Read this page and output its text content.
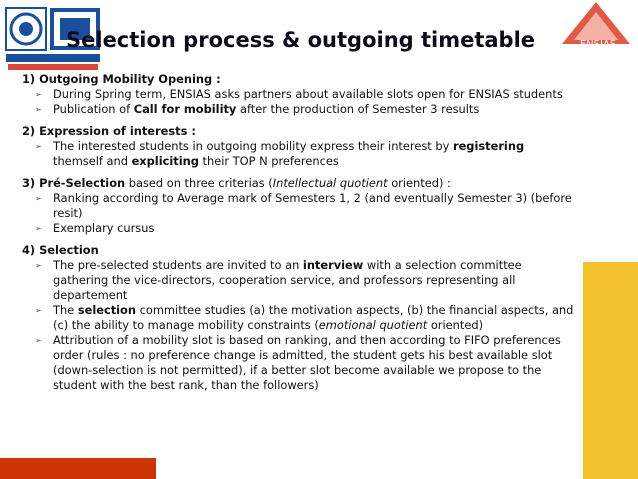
ENSIAS
Selection process & outgoing timetable
1) Outgoing Mobility Opening :
➢ During Spring term, ENSIAS asks partners about available slots open for ENSIAS students
➢ Publication of Call for mobility after the production of Semester 3 results
2) Expression of interests :
➢ The interested students in outgoing mobility express their interest by registering themself and expliciting their TOP N preferences
3) Pré-Selection based on three criterias (Intellectual quotient oriented) :
➢ Ranking according to Average mark of Semesters 1, 2 (and eventually Semester 3) (before resit)
➢ Exemplary cursus
4) Selection
➢ The pre-selected students are invited to an interview with a selection committee gathering the vice-directors, cooperation service, and professors representing all departement
➢ The selection committee studies (a) the motivation aspects, (b) the financial aspects, and (c) the ability to manage mobility constraints (emotional quotient oriented)
➢ Attribution of a mobility slot is based on ranking, and then according to FIFO preferences order (rules : no preference change is admitted, the student gets his best available slot (down-selection is not permitted), if a better slot become available we propose to the student with the best rank, than the followers)
